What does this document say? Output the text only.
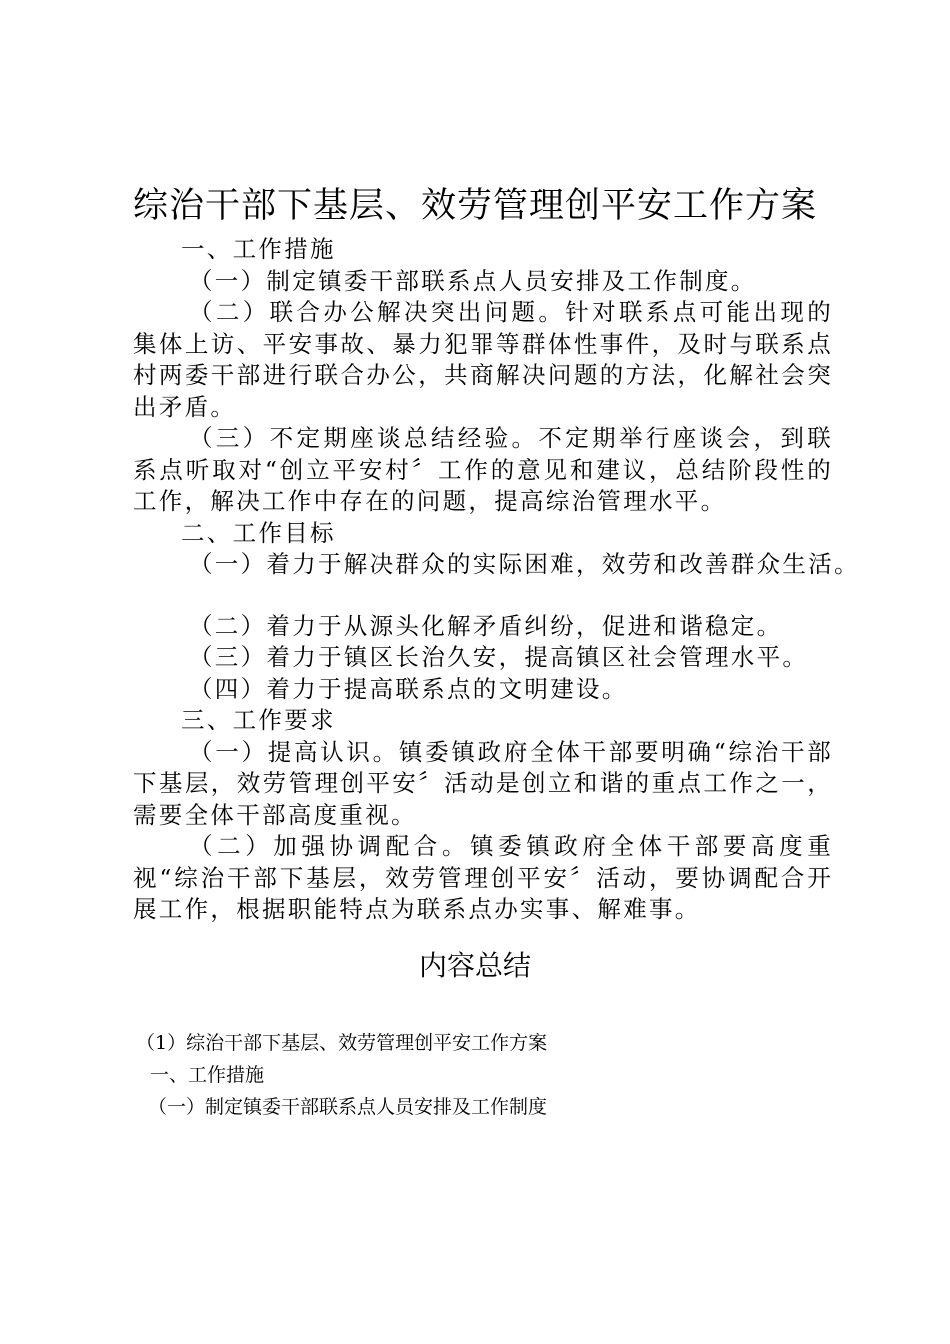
综治干部下基层、效劳管理创平安工作方案

一、工作措施

（一）制定镇委干部联系点人员安排及工作制度。

（二）联合办公解决突出问题。针对联系点可能出现的集体上访、平安事故、暴力犯罪等群体性事件，及时与联系点村两委干部进行联合办公，共商解决问题的方法，化解社会突出矛盾。

（三）不定期座谈总结经验。不定期举行座谈会，到联系点听取对“创立平安村〞工作的意见和建议，总结阶段性的工作，解决工作中存在的问题，提高综治管理水平。

二、工作目标

（一）着力于解决群众的实际困难，效劳和改善群众生活。

（二）着力于从源头化解矛盾纠纷，促进和谐稳定。

（三）着力于镇区长治久安，提高镇区社会管理水平。

（四）着力于提高联系点的文明建设。

三、工作要求

（一）提高认识。镇委镇政府全体干部要明确“综治干部下基层，效劳管理创平安〞活动是创立和谐的重点工作之一，需要全体干部高度重视。

（二）加强协调配合。镇委镇政府全体干部要高度重视“综治干部下基层，效劳管理创平安〞活动，要协调配合开展工作，根据职能特点为联系点办实事、解难事。

内容总结

（1）综治干部下基层、效劳管理创平安工作方案

一、工作措施

（一）制定镇委干部联系点人员安排及工作制度
